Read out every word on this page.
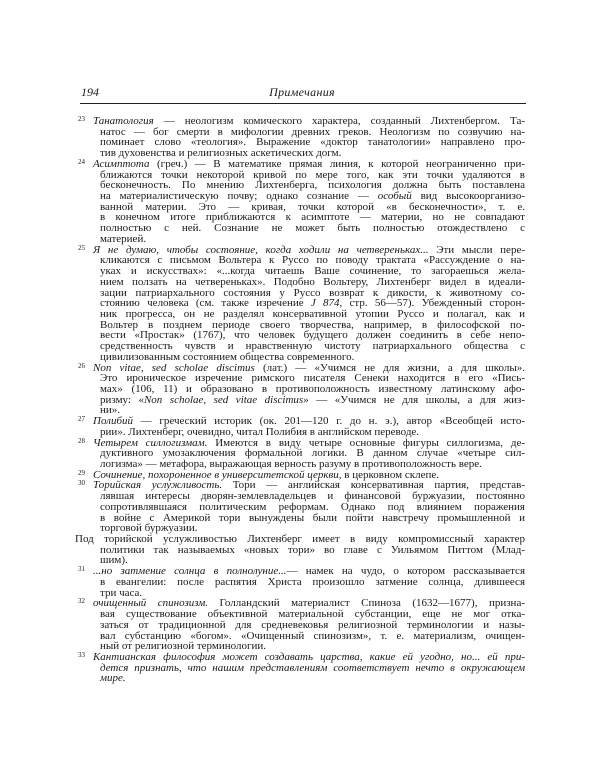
194	Примечания
23 Танатология — неологизм комического характера, созданный Лихтенбергом. Та-
натос — бог смерти в мифологии древних греков. Неологизм по созвучию на-
поминает слово «теология». Выражение «доктор танатологии» направлено про-
тив духовенства и религиозных аскетических догм.
24 Асимптота (греч.) — В математике прямая линия, к которой неограниченно при-
ближаются точки некоторой кривой по мере того, как эти точки удаляются в
бесконечность. По мнению Лихтенберга, психология должна быть поставлена
на материалистическую почву; однако сознание — особый вид высокоорганизо-
ванной материи. Это — кривая, точки которой «в бесконечности», т. е.
в конечном итоге приближаются к асимптоте — материи, но не совпадают
полностью с ней. Сознание не может быть полностью отождествлено с
материей.
25 Я не думаю, чтобы состояние, когда ходили на четвереньках... Эти мысли пере-
кликаются с письмом Вольтера к Руссо по поводу трактата «Рассуждение о на-
уках и искусствах»: «...когда читаешь Ваше сочинение, то загораешься жела-
нием ползать на четвереньках». Подобно Вольтеру, Лихтенберг видел в идеали-
зации патриархального состояния у Руссо возврат к дикости, к животному со-
стоянию человека (см. также изречение J 874, стр. 56—57). Убежденный сторон-
ник прогресса, он не разделял консервативной утопии Руссо и полагал, как и
Вольтер в позднем периоде своего творчества, например, в философской по-
вести «Простак» (1767), что человек будущего должен соединить в себе непо-
средственность чувств и нравственную чистоту патриархального общества с
цивилизованным состоянием общества современного.
26 Non vitae, sed scholae discimus (лат.) — «Учимся не для жизни, а для школы».
Это ироническое изречение римского писателя Сенеки находится в его «Пись-
мах» (106, 11) и образовано в противоположность известному латинскому афо-
ризму: «Non scholae, sed vitae discimus» — «Учимся не для школы, а для жиз-
ни».
27 Полибий — греческий историк (ок. 201—120 г. до н. э.), автор «Всеобщей исто-
рии». Лихтенберг, очевидно, читал Полибия в английском переводе.
28 Четырем силлогизмам. Имеются в виду четыре основные фигуры силлогизма, де-
дуктивного умозаключения формальной логики. В данном случае «четыре сил-
логизма» — метафора, выражающая верность разуму в противоположность вере.
29 Сочинение, похороненное в университетской церкви, в церковном склепе.
30 Торийская услужливость. Тори — английская консервативная партия, представ-
лявшая интересы дворян-землевладельцев и финансовой буржуазии, постоянно
сопротивлявшаяся политическим реформам. Однако под влиянием поражения
в войне с Америкой тори вынуждены были пойти навстречу промышленной и
торговой буржуазии.
Под торийской услужливостью Лихтенберг имеет в виду компромиссный характер
политики так называемых «новых тори» во главе с Уильямом Питтом (Млад-
шим).
31 ...но затмение солнца в полнолуние...— намек на чудо, о котором рассказывается
в евангелии: после распятия Христа произошло затмение солнца, длившееся
три часа.
32 очищенный спинозизм. Голландский материалист Спиноза (1632—1677), призна-
вая существование объективной материальной субстанции, еще не мог отка-
заться от традиционной для средневековья религиозной терминологии и назы-
вал субстанцию «богом». «Очищенный спинозизм», т. е. материализм, очищен-
ный от религиозной терминологии.
33 Кантианская философия может создавать царства, какие ей угодно, но... ей при-
дется признать, что нашим представлениям соответствует нечто в окружающем
мире.
